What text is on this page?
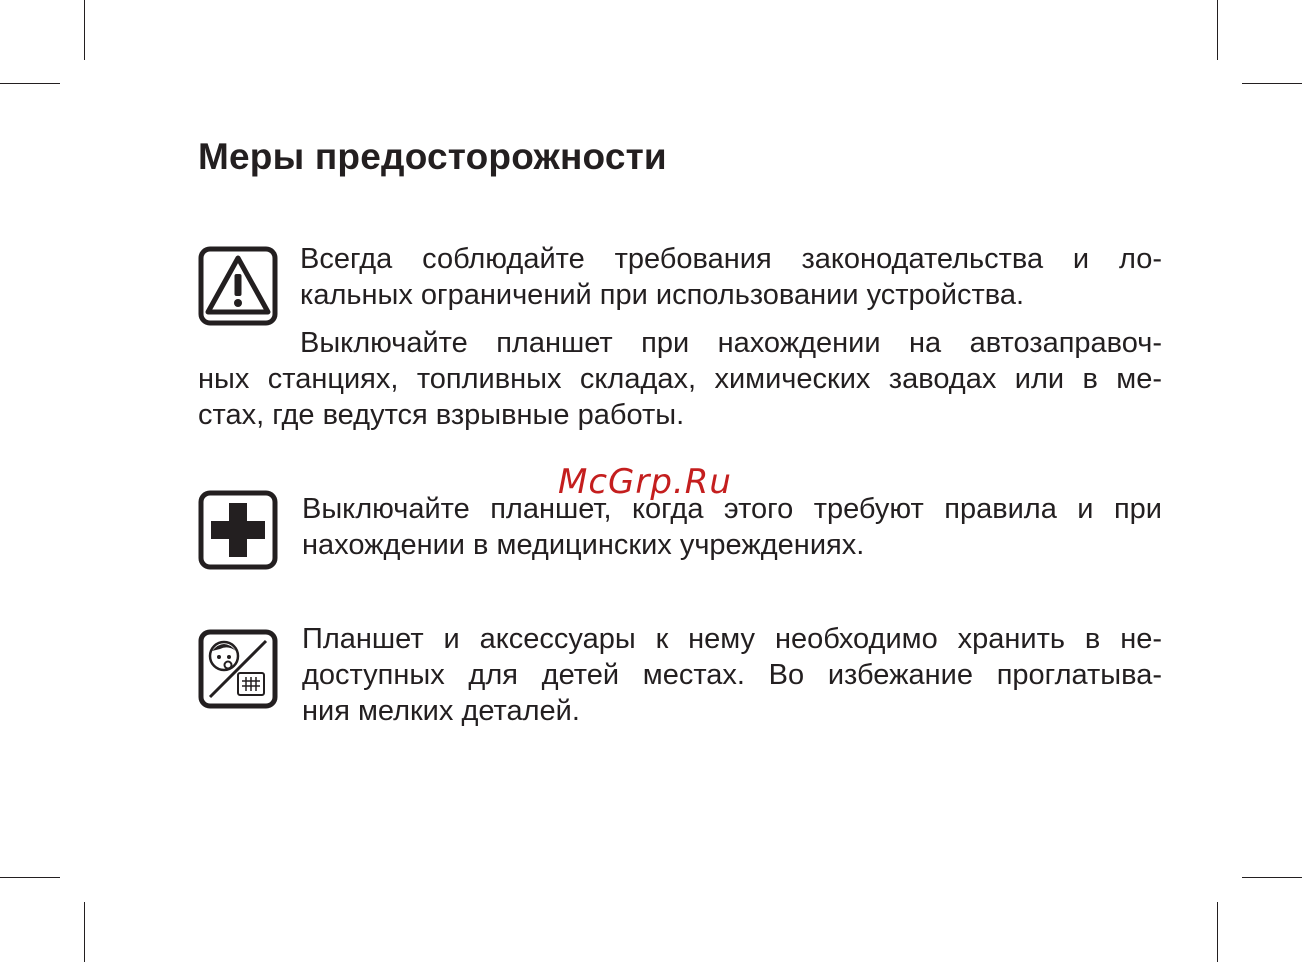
Меры предосторожности

Всегда соблюдайте требования законодательства и ло-
кальных ограничений при использовании устройства.

Выключайте планшет при нахождении на автозаправоч-
ных станциях, топливных складах, химических заводах или в ме-
стах, где ведутся взрывные работы.

Выключайте планшет, когда этого требуют правила и при
нахождении в медицинских учреждениях.

Планшет и аксессуары к нему необходимо хранить в не-
доступных для детей местах. Во избежание проглатыва-
ния мелких деталей.

McGrp.Ru
